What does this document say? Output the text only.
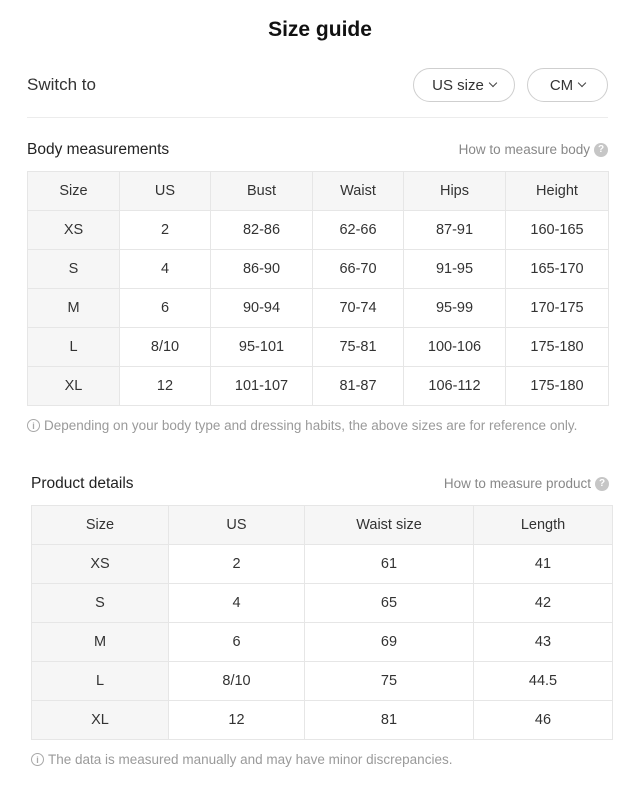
Size guide
Switch to	US size	CM
Body measurements	How to measure body ?
Size	US	Bust	Waist	Hips	Height
XS	2	82-86	62-66	87-91	160-165
S	4	86-90	66-70	91-95	165-170
M	6	90-94	70-74	95-99	170-175
L	8/10	95-101	75-81	100-106	175-180
XL	12	101-107	81-87	106-112	175-180
i Depending on your body type and dressing habits, the above sizes are for reference only.
Product details	How to measure product ?
Size	US	Waist size	Length
XS	2	61	41
S	4	65	42
M	6	69	43
L	8/10	75	44.5
XL	12	81	46
i The data is measured manually and may have minor discrepancies.
